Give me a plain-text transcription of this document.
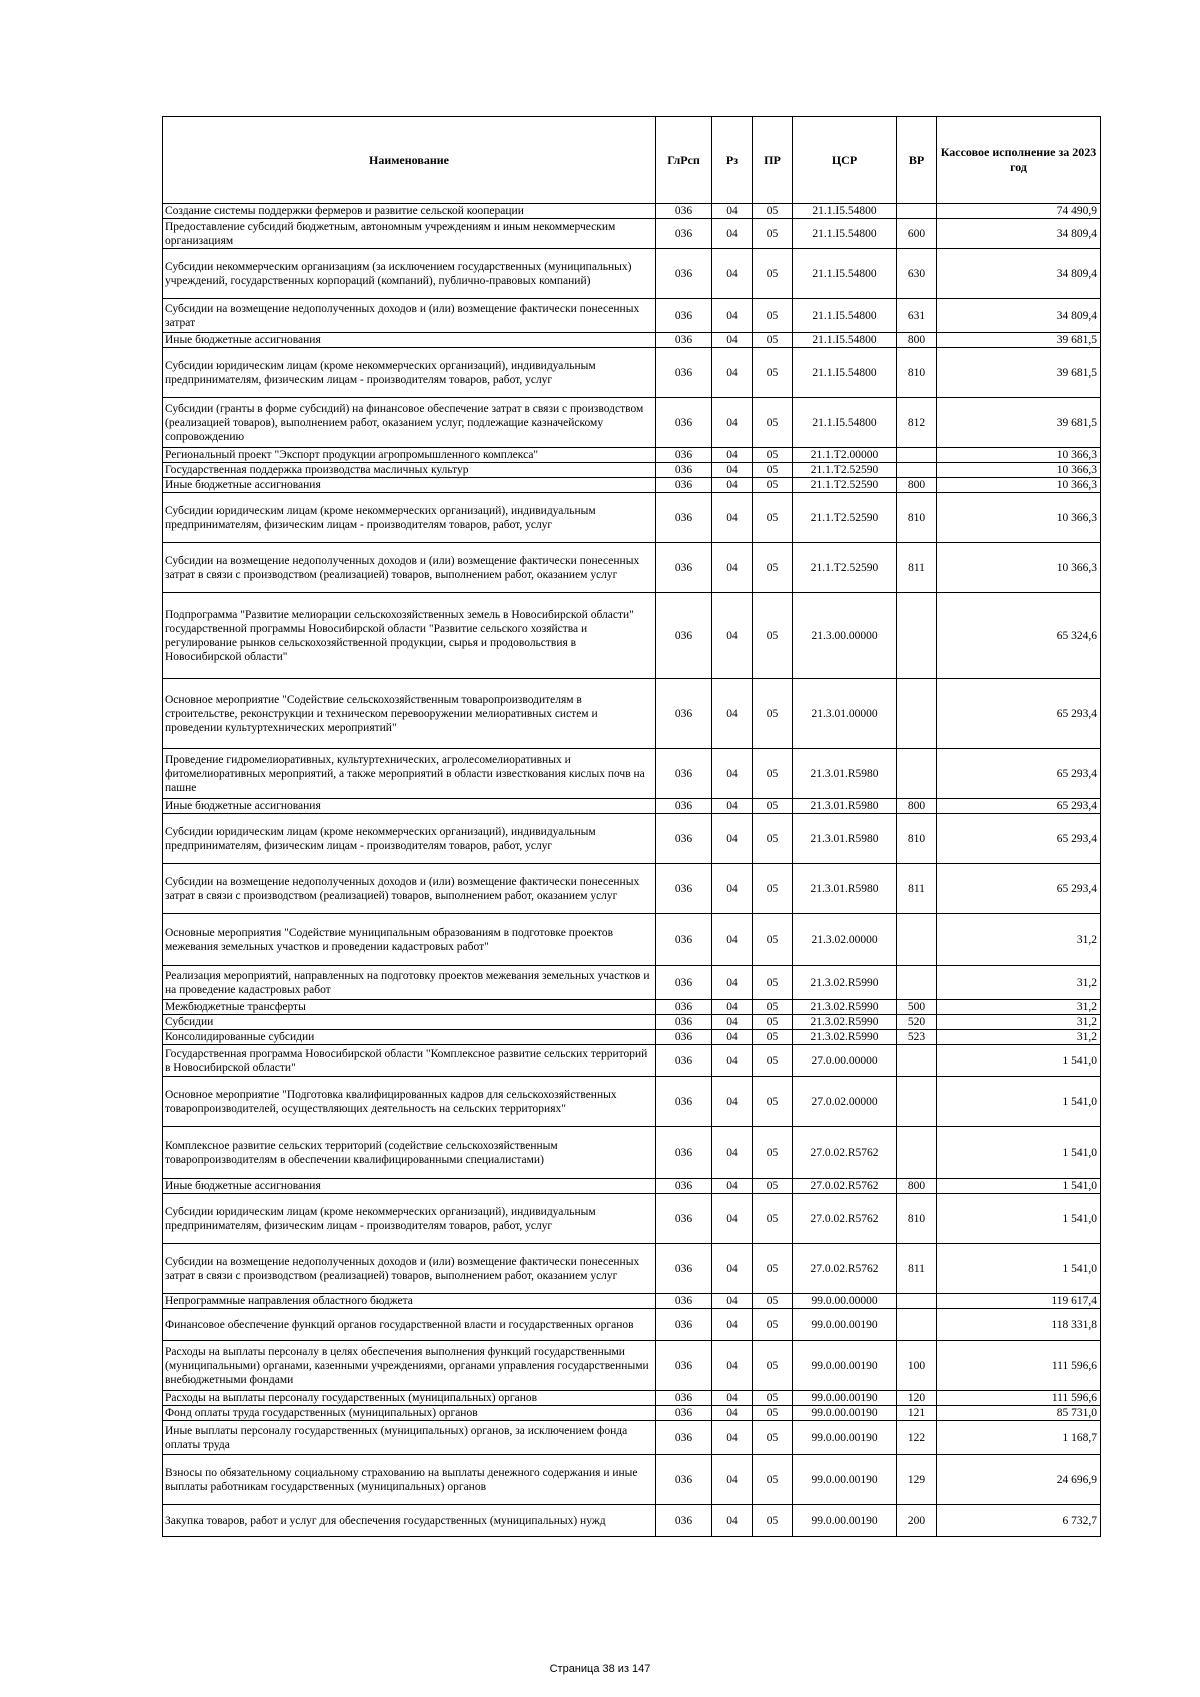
Наименование	ГлРсп	Рз	ПР	ЦСР	ВР	Кассовое исполнение за 2023 год
Создание системы поддержки фермеров и развитие сельской кооперации	036	04	05	21.1.I5.54800		74 490,9
Предоставление субсидий бюджетным, автономным учреждениям и иным некоммерческим организациям	036	04	05	21.1.I5.54800	600	34 809,4
Субсидии некоммерческим организациям (за исключением государственных (муниципальных) учреждений, государственных корпораций (компаний), публично-правовых компаний)	036	04	05	21.1.I5.54800	630	34 809,4
Субсидии на возмещение недополученных доходов и (или) возмещение фактически понесенных затрат	036	04	05	21.1.I5.54800	631	34 809,4
Иные бюджетные ассигнования	036	04	05	21.1.I5.54800	800	39 681,5
Субсидии юридическим лицам (кроме некоммерческих организаций), индивидуальным предпринимателям, физическим лицам - производителям товаров, работ, услуг	036	04	05	21.1.I5.54800	810	39 681,5
Субсидии (гранты в форме субсидий) на финансовое обеспечение затрат в связи с производством (реализацией товаров), выполнением работ, оказанием услуг, подлежащие казначейскому сопровождению	036	04	05	21.1.I5.54800	812	39 681,5
Региональный проект "Экспорт продукции агропромышленного комплекса"	036	04	05	21.1.T2.00000		10 366,3
Государственная поддержка производства масличных культур	036	04	05	21.1.T2.52590		10 366,3
Иные бюджетные ассигнования	036	04	05	21.1.T2.52590	800	10 366,3
Субсидии юридическим лицам (кроме некоммерческих организаций), индивидуальным предпринимателям, физическим лицам - производителям товаров, работ, услуг	036	04	05	21.1.T2.52590	810	10 366,3
Субсидии на возмещение недополученных доходов и (или) возмещение фактически понесенных затрат в связи с производством (реализацией) товаров, выполнением работ, оказанием услуг	036	04	05	21.1.T2.52590	811	10 366,3
Подпрограмма "Развитие мелиорации сельскохозяйственных земель в Новосибирской области" государственной программы Новосибирской области "Развитие сельского хозяйства и регулирование рынков сельскохозяйственной продукции, сырья и продовольствия в Новосибирской области"	036	04	05	21.3.00.00000		65 324,6
Основное мероприятие "Содействие сельскохозяйственным товаропроизводителям в строительстве, реконструкции и техническом перевооружении мелиоративных систем и проведении культуртехнических мероприятий"	036	04	05	21.3.01.00000		65 293,4
Проведение гидромелиоративных, культуртехнических, агролесомелиоративных и фитомелиоративных мероприятий, а также мероприятий в области известкования кислых почв на пашне	036	04	05	21.3.01.R5980		65 293,4
Иные бюджетные ассигнования	036	04	05	21.3.01.R5980	800	65 293,4
Субсидии юридическим лицам (кроме некоммерческих организаций), индивидуальным предпринимателям, физическим лицам - производителям товаров, работ, услуг	036	04	05	21.3.01.R5980	810	65 293,4
Субсидии на возмещение недополученных доходов и (или) возмещение фактически понесенных затрат в связи с производством (реализацией) товаров, выполнением работ, оказанием услуг	036	04	05	21.3.01.R5980	811	65 293,4
Основные мероприятия "Содействие муниципальным образованиям в подготовке проектов межевания земельных участков и проведении кадастровых работ"	036	04	05	21.3.02.00000		31,2
Реализация мероприятий, направленных на подготовку проектов межевания земельных участков и на проведение кадастровых работ	036	04	05	21.3.02.R5990		31,2
Межбюджетные трансферты	036	04	05	21.3.02.R5990	500	31,2
Субсидии	036	04	05	21.3.02.R5990	520	31,2
Консолидированные субсидии	036	04	05	21.3.02.R5990	523	31,2
Государственная программа Новосибирской области "Комплексное развитие сельских территорий в Новосибирской области"	036	04	05	27.0.00.00000		1 541,0
Основное мероприятие "Подготовка квалифицированных кадров для сельскохозяйственных товаропроизводителей, осуществляющих деятельность на сельских территориях"	036	04	05	27.0.02.00000		1 541,0
Комплексное развитие сельских территорий (содействие сельскохозяйственным товаропроизводителям в обеспечении квалифицированными специалистами)	036	04	05	27.0.02.R5762		1 541,0
Иные бюджетные ассигнования	036	04	05	27.0.02.R5762	800	1 541,0
Субсидии юридическим лицам (кроме некоммерческих организаций), индивидуальным предпринимателям, физическим лицам - производителям товаров, работ, услуг	036	04	05	27.0.02.R5762	810	1 541,0
Субсидии на возмещение недополученных доходов и (или) возмещение фактически понесенных затрат в связи с производством (реализацией) товаров, выполнением работ, оказанием услуг	036	04	05	27.0.02.R5762	811	1 541,0
Непрограммные направления областного бюджета	036	04	05	99.0.00.00000		119 617,4
Финансовое обеспечение функций органов государственной власти и государственных органов	036	04	05	99.0.00.00190		118 331,8
Расходы на выплаты персоналу в целях обеспечения выполнения функций государственными (муниципальными) органами, казенными учреждениями, органами управления государственными внебюджетными фондами	036	04	05	99.0.00.00190	100	111 596,6
Расходы на выплаты персоналу государственных (муниципальных) органов	036	04	05	99.0.00.00190	120	111 596,6
Фонд оплаты труда государственных (муниципальных) органов	036	04	05	99.0.00.00190	121	85 731,0
Иные выплаты персоналу государственных (муниципальных) органов, за исключением фонда оплаты труда	036	04	05	99.0.00.00190	122	1 168,7
Взносы по обязательному социальному страхованию на выплаты денежного содержания и иные выплаты работникам государственных (муниципальных) органов	036	04	05	99.0.00.00190	129	24 696,9
Закупка товаров, работ и услуг для обеспечения государственных (муниципальных) нужд	036	04	05	99.0.00.00190	200	6 732,7
Страница 38 из 147
